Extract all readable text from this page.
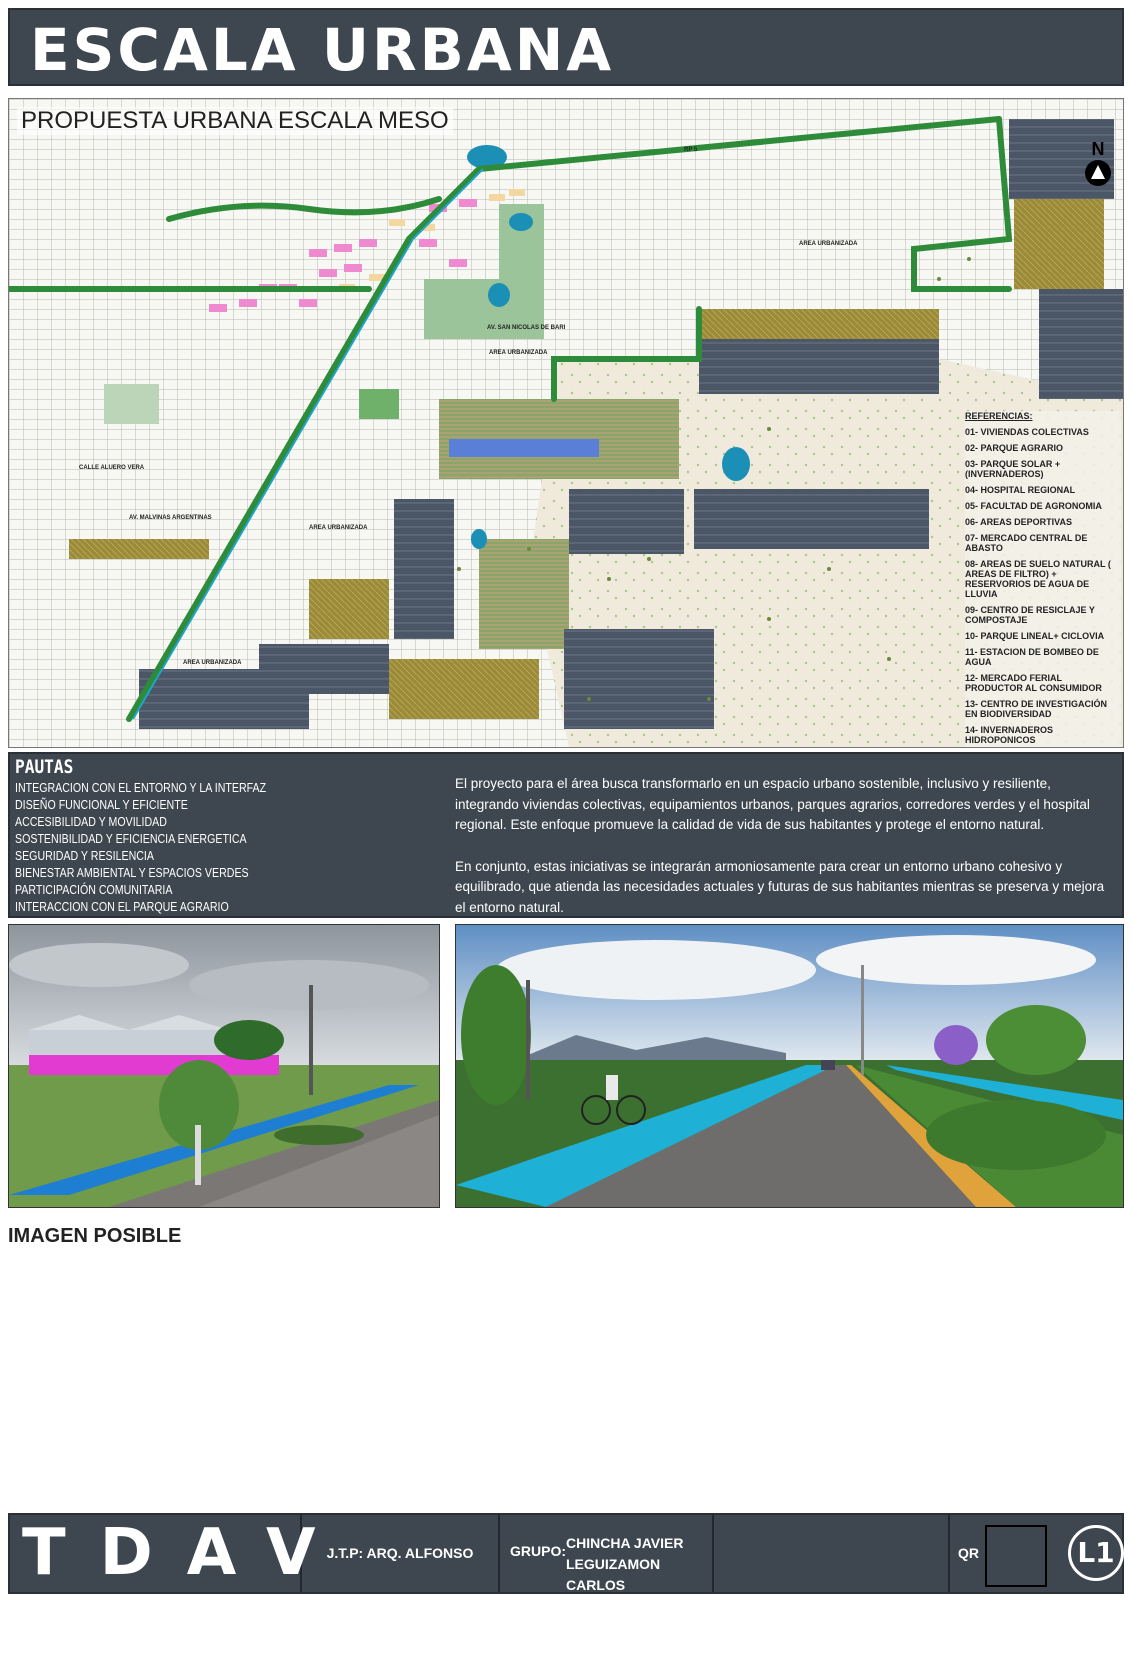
ESCALA URBANA
RP 5
AV. SAN NICOLAS DE BARI
CALLE ALUERO VERA
AV. MALVINAS ARGENTINAS
AREA URBANIZADA
AREA URBANIZADA
AREA URBANIZADA
AREA URBANIZADA
PROPUESTA URBANA ESCALA MESO
N
REFERENCIAS:
01- VIVIENDAS COLECTIVAS
02- PARQUE AGRARIO
03- PARQUE SOLAR + (INVERNADEROS)
04- HOSPITAL REGIONAL
05- FACULTAD DE AGRONOMIA
06- AREAS DEPORTIVAS
07- MERCADO CENTRAL DE ABASTO
08- AREAS DE SUELO NATURAL ( AREAS DE FILTRO) + RESERVORIOS DE AGUA DE LLUVIA
09- CENTRO DE RESICLAJE Y COMPOSTAJE
10- PARQUE LINEAL+ CICLOVIA
11- ESTACION DE BOMBEO DE AGUA
12- MERCADO FERIAL PRODUCTOR AL CONSUMIDOR
13- CENTRO DE INVESTIGACIÓN EN BIODIVERSIDAD
14- INVERNADEROS HIDROPONICOS
PAUTAS
INTEGRACION CON EL ENTORNO Y LA INTERFAZ
DISEÑO FUNCIONAL Y EFICIENTE
ACCESIBILIDAD Y MOVILIDAD
SOSTENIBILIDAD Y EFICIENCIA ENERGETICA
SEGURIDAD Y RESILENCIA
BIENESTAR AMBIENTAL Y ESPACIOS VERDES
PARTICIPACIÓN COMUNITARIA
INTERACCION CON EL PARQUE AGRARIO

El proyecto para el área busca transformarlo en un espacio urbano sostenible, inclusivo y resiliente, integrando viviendas colectivas, equipamientos urbanos, parques agrarios, corredores verdes y el hospital regional. Este enfoque promueve la calidad de vida de sus habitantes y protege el entorno natural.

En conjunto, estas iniciativas se integrarán armoniosamente para crear un entorno urbano cohesivo y equilibrado, que atienda las necesidades actuales y futuras de sus habitantes mientras se preserva y mejora el entorno natural.

IMAGEN POSIBLE
TDAV
J.T.P: ARQ. ALFONSO DANIEL
GRUPO: CHINCHA JAVIER
LEGUIZAMON CARLOS
QR	L1
